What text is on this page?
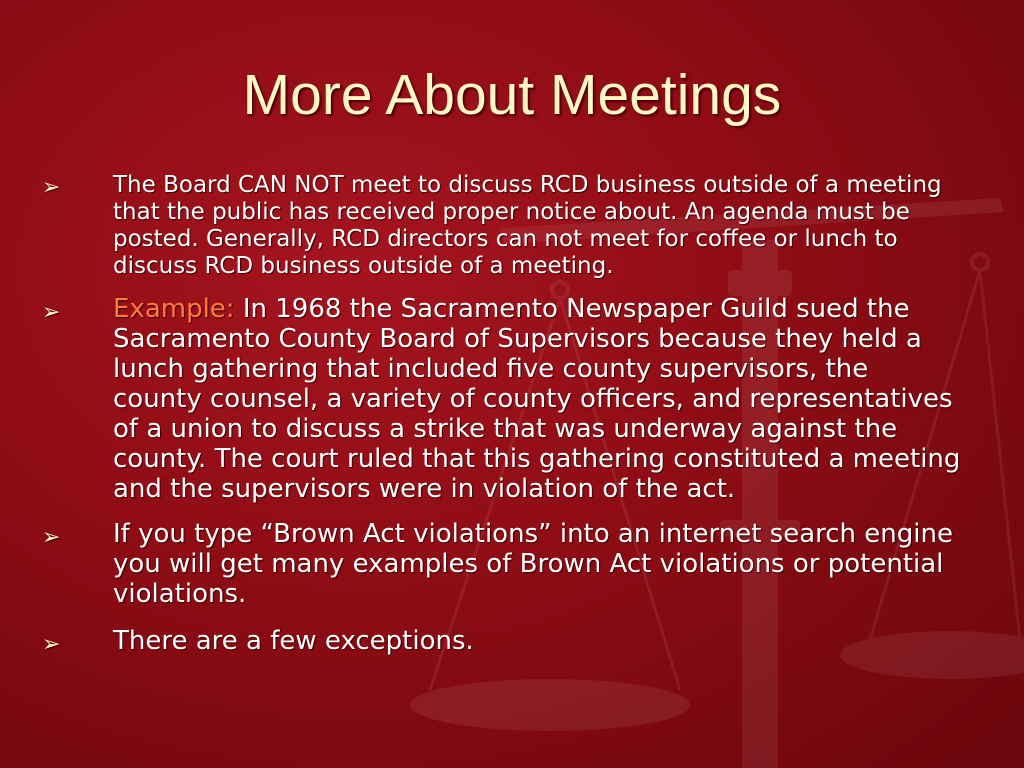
More About Meetings
➢ The Board CAN NOT meet to discuss RCD business outside of a meeting that the public has received proper notice about. An agenda must be posted. Generally, RCD directors can not meet for coffee or lunch to discuss RCD business outside of a meeting.
➢ Example: In 1968 the Sacramento Newspaper Guild sued the Sacramento County Board of Supervisors because they held a lunch gathering that included five county supervisors, the county counsel, a variety of county officers, and representatives of a union to discuss a strike that was underway against the county. The court ruled that this gathering constituted a meeting and the supervisors were in violation of the act.
➢ If you type “Brown Act violations” into an internet search engine you will get many examples of Brown Act violations or potential violations.
➢ There are a few exceptions.
